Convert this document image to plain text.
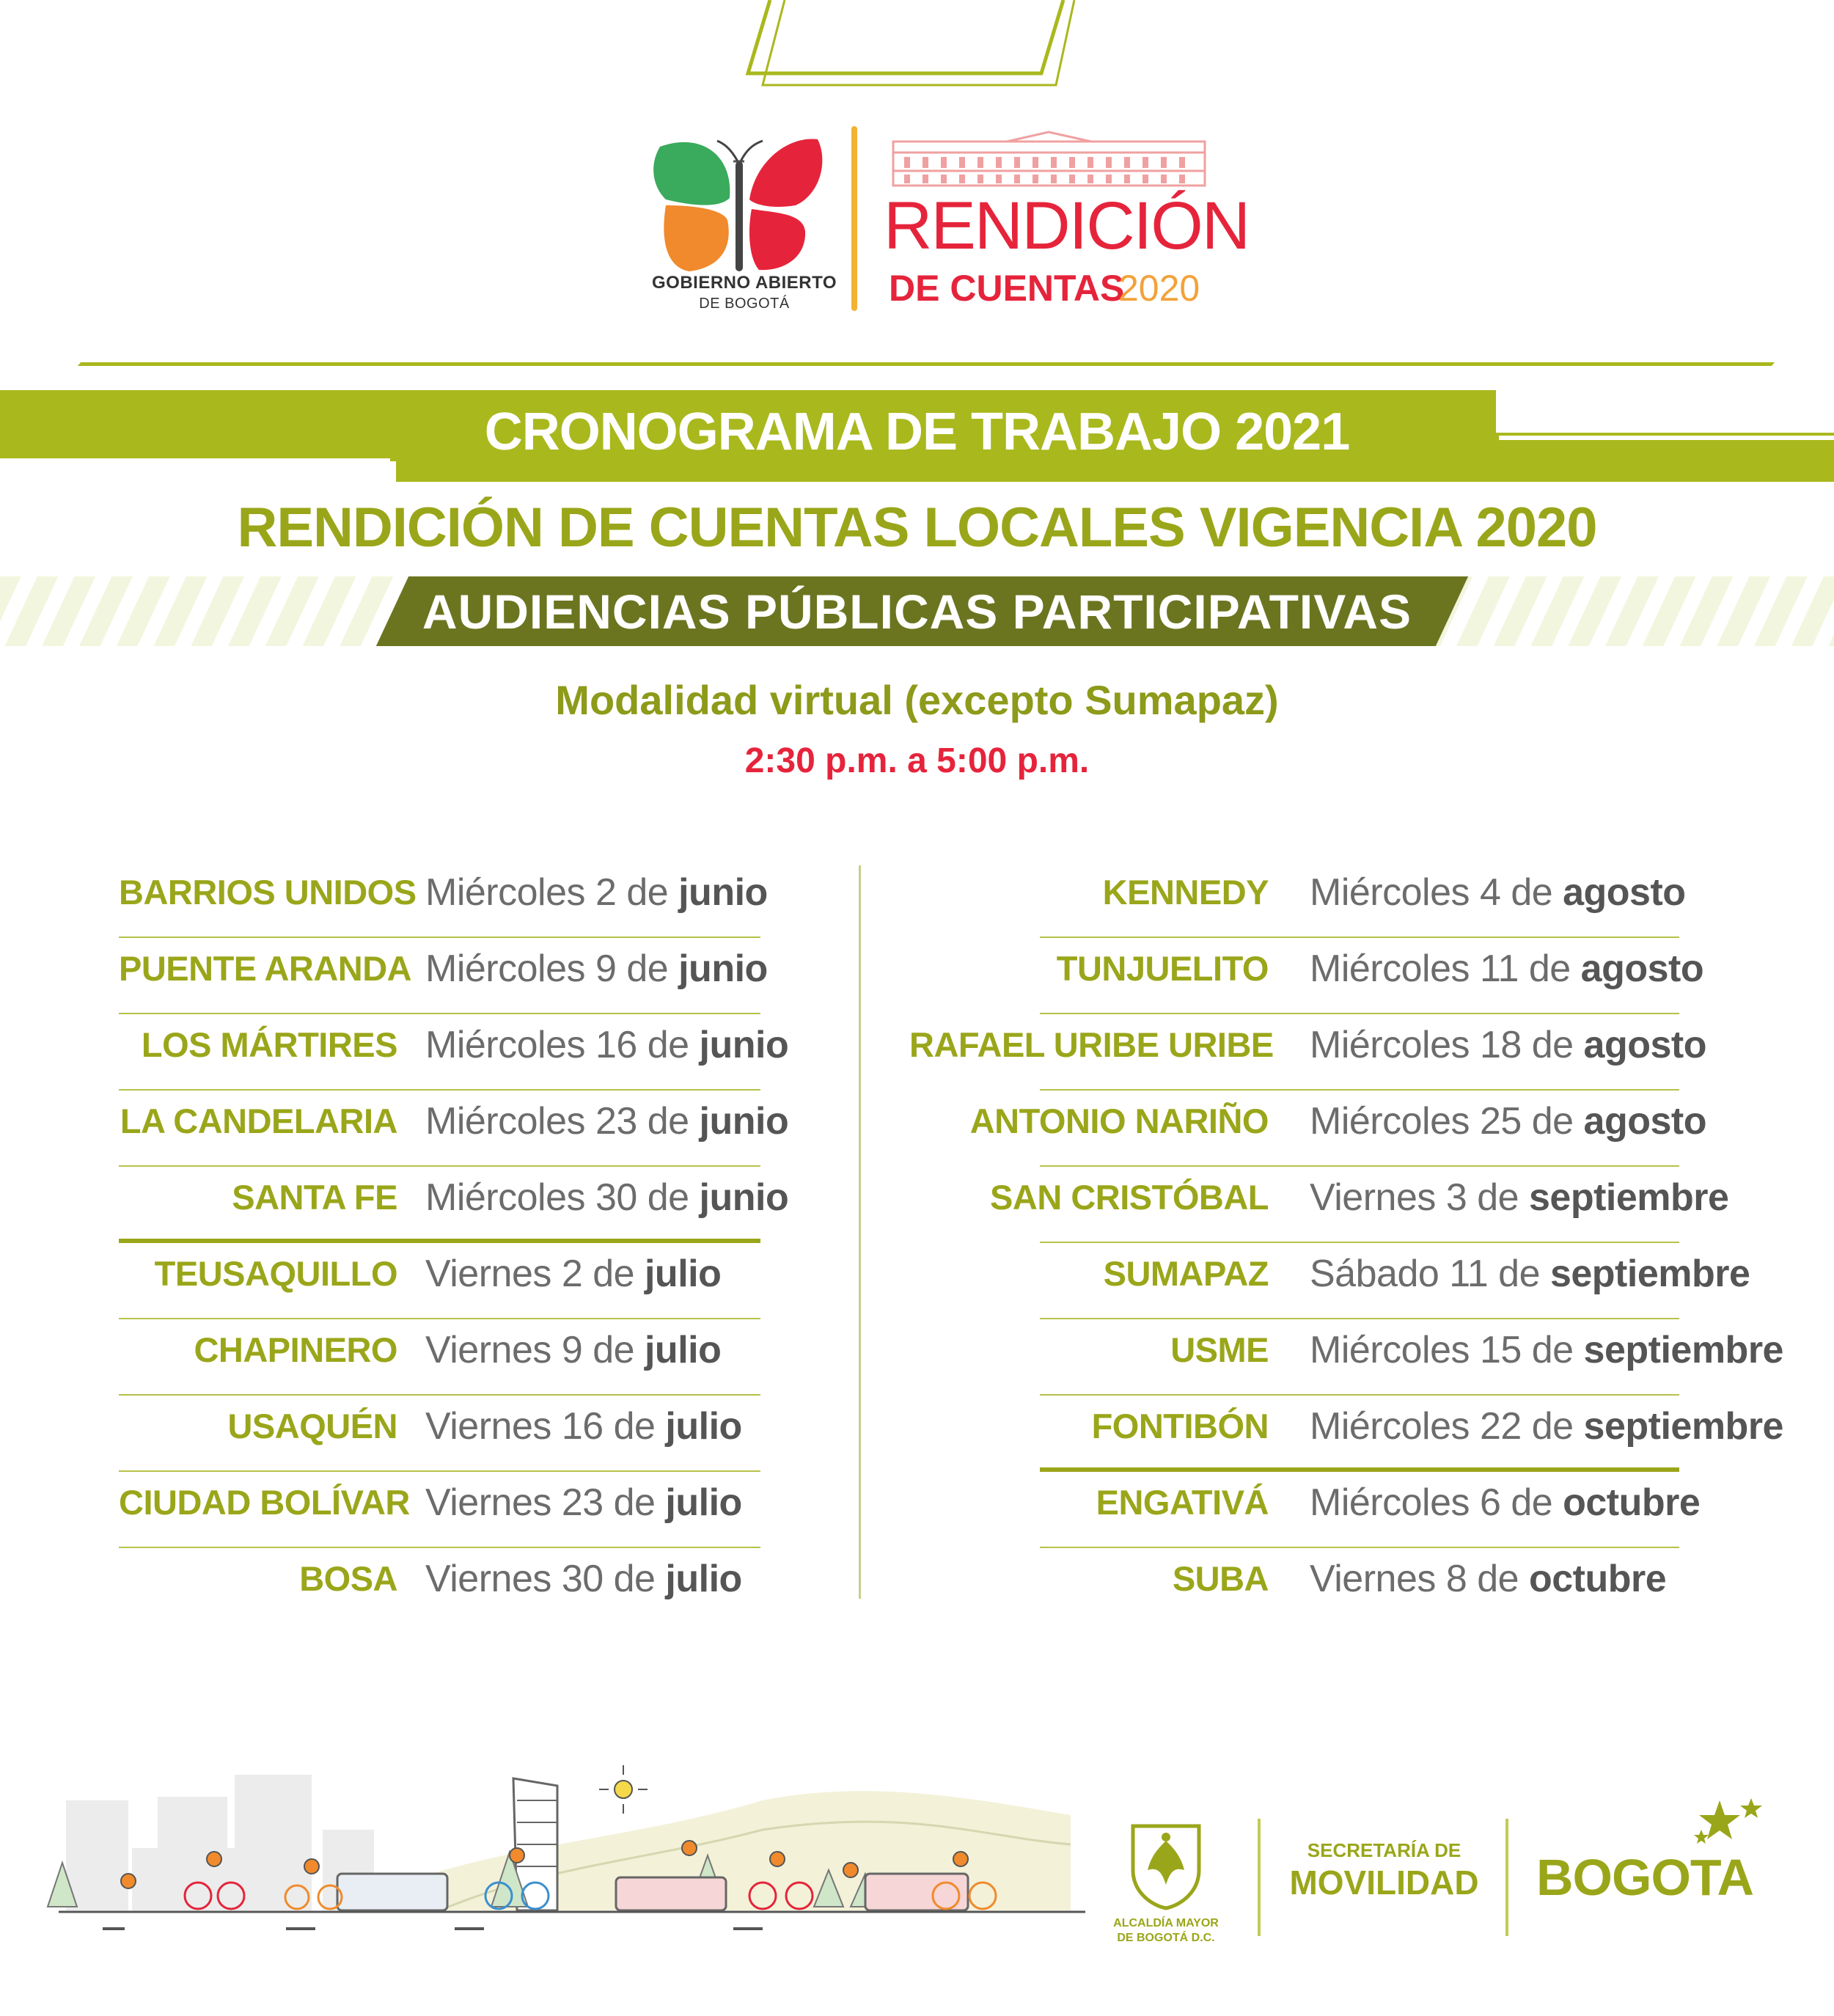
GOBIERNO ABIERTO
DE BOGOTÁ
RENDICIÓN
DE CUENTAS
2020
CRONOGRAMA DE TRABAJO 2021
RENDICIÓN DE CUENTAS LOCALES VIGENCIA 2020
AUDIENCIAS PÚBLICAS PARTICIPATIVAS
Modalidad virtual (excepto Sumapaz)
2:30 p.m. a 5:00 p.m.
BARRIOS UNIDOS Miércoles 2 de junio
PUENTE ARANDA Miércoles 9 de junio
LOS MÁRTIRES Miércoles 16 de junio
LA CANDELARIA Miércoles 23 de junio
SANTA FE Miércoles 30 de junio
TEUSAQUILLO Viernes 2 de julio
CHAPINERO Viernes 9 de julio
USAQUÉN Viernes 16 de julio
CIUDAD BOLÍVAR Viernes 23 de julio
BOSA Viernes 30 de julio
KENNEDY Miércoles 4 de agosto
TUNJUELITO Miércoles 11 de agosto
RAFAEL URIBE URIBE Miércoles 18 de agosto
ANTONIO NARIÑO Miércoles 25 de agosto
SAN CRISTÓBAL Viernes 3 de septiembre
SUMAPAZ Sábado 11 de septiembre
USME Miércoles 15 de septiembre
FONTIBÓN Miércoles 22 de septiembre
ENGATIVÁ Miércoles 6 de octubre
SUBA Viernes 8 de octubre
ALCALDÍA MAYOR
DE BOGOTÁ D.C.
SECRETARÍA DE
MOVILIDAD	BOGOTA
